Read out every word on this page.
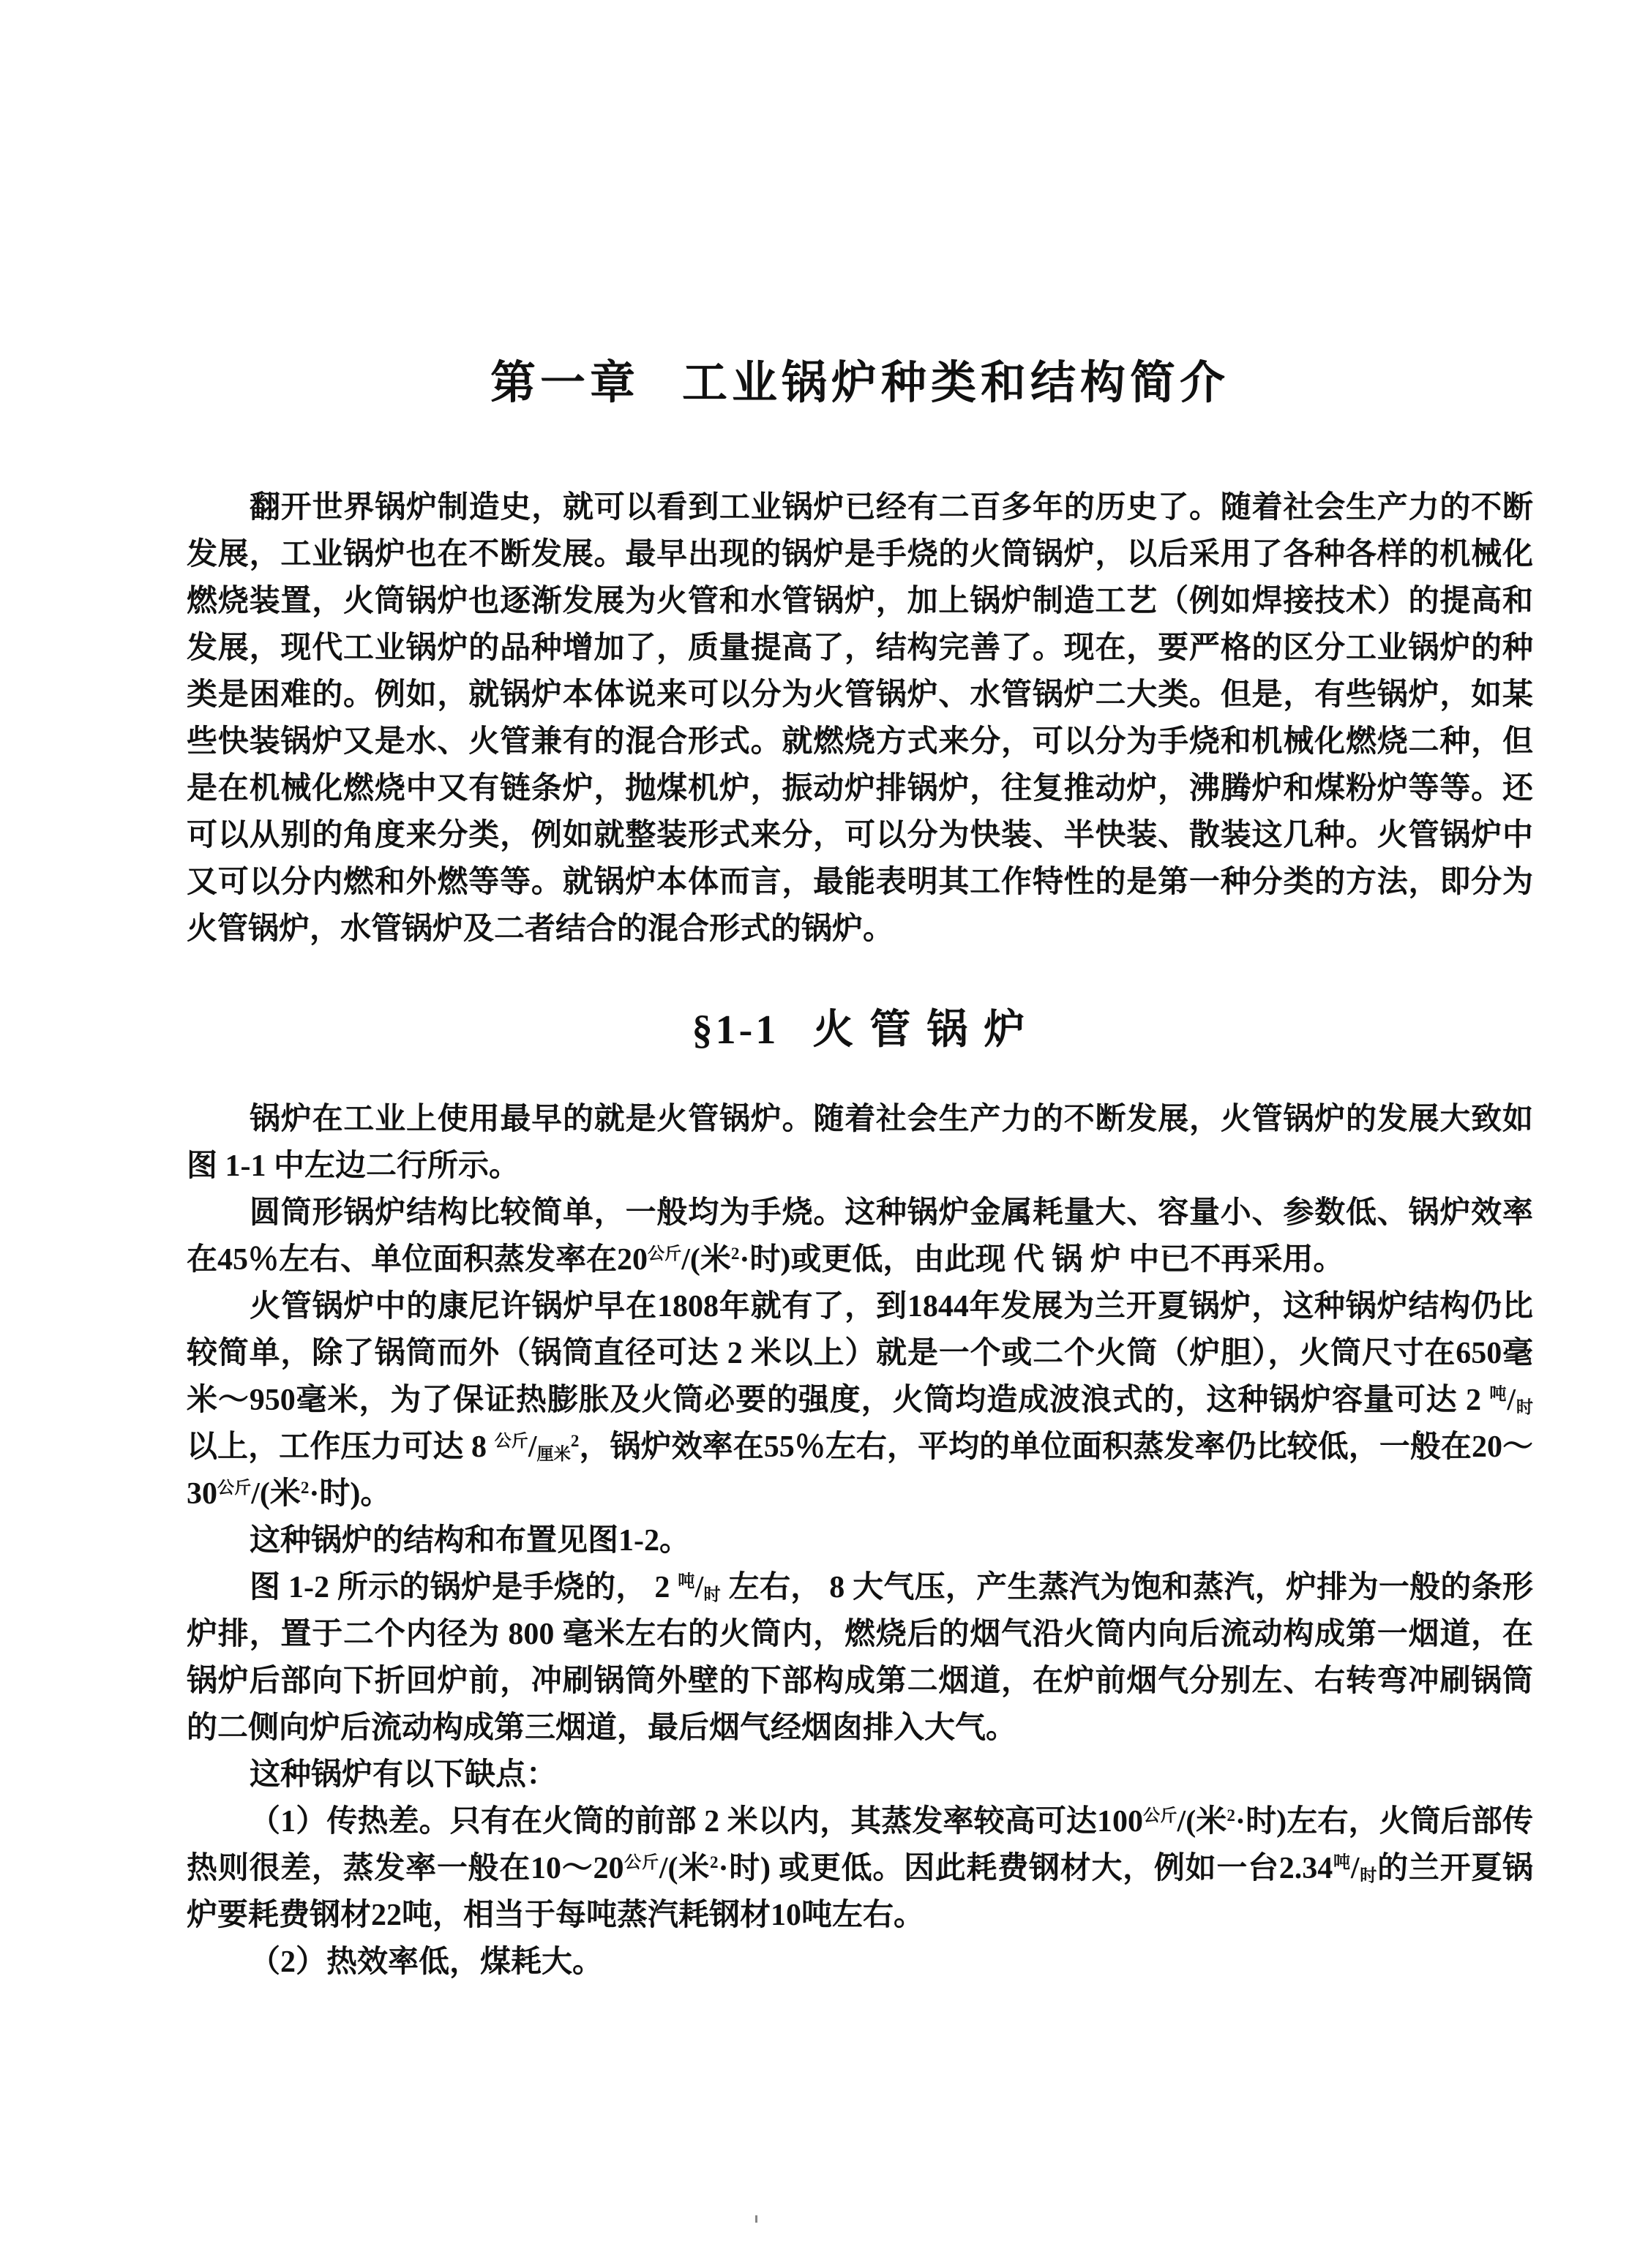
第一章 工业锅炉种类和结构简介

翻开世界锅炉制造史，就可以看到工业锅炉已经有二百多年的历史了。随着社会生产力的不断发展，工业锅炉也在不断发展。最早出现的锅炉是手烧的火筒锅炉，以后采用了各种各样的机械化燃烧装置，火筒锅炉也逐渐发展为火管和水管锅炉，加上锅炉制造工艺（例如焊接技术）的提高和发展，现代工业锅炉的品种增加了，质量提高了，结构完善了。现在，要严格的区分工业锅炉的种类是困难的。例如，就锅炉本体说来可以分为火管锅炉、水管锅炉二大类。但是，有些锅炉，如某些快装锅炉又是水、火管兼有的混合形式。就燃烧方式来分，可以分为手烧和机械化燃烧二种，但是在机械化燃烧中又有链条炉，抛煤机炉，振动炉排锅炉，往复推动炉，沸腾炉和煤粉炉等等。还可以从别的角度来分类，例如就整装形式来分，可以分为快装、半快装、散装这几种。火管锅炉中又可以分内燃和外燃等等。就锅炉本体而言，最能表明其工作特性的是第一种分类的方法，即分为火管锅炉，水管锅炉及二者结合的混合形式的锅炉。

§1-1 火 管 锅 炉

锅炉在工业上使用最早的就是火管锅炉。随着社会生产力的不断发展，火管锅炉的发展大致如图 1-1 中左边二行所示。

圆筒形锅炉结构比较简单，一般均为手烧。这种锅炉金属耗量大、容量小、参数低、锅炉效率在45％左右、单位面积蒸发率在$20^{公斤}/$(米$^2$·时)或更低，由此现 代 锅 炉 中已不再采用。

火管锅炉中的康尼许锅炉早在1808年就有了，到1844年发展为兰开夏锅炉，这种锅炉结构仍比较简单，除了锅筒而外（锅筒直径可达 2 米以上）就是一个或二个火筒（炉胆），火筒尺寸在650毫米～950毫米，为了保证热膨胀及火筒必要的强度，火筒均造成波浪式的，这种锅炉容量可达 2 $^吨/_时$ 以上，工作压力可达 8 $^{公斤}/_{厘米}^2$，锅炉效率在55％左右，平均的单位面积蒸发率仍比较低，一般在$20\sim 30^{公斤}/$(米$^2$·时)。

这种锅炉的结构和布置见图1-2。

图 1-2 所示的锅炉是手烧的， 2 $^吨/_时$ 左右， 8 大气压，产生蒸汽为饱和蒸汽，炉排为一般的条形炉排，置于二个内径为 800 毫米左右的火筒内，燃烧后的烟气沿火筒内向后流动构成第一烟道，在锅炉后部向下折回炉前，冲刷锅筒外壁的下部构成第二烟道，在炉前烟气分别左、右转弯冲刷锅筒的二侧向炉后流动构成第三烟道，最后烟气经烟囱排入大气。

这种锅炉有以下缺点：

（1）传热差。只有在火筒的前部 2 米以内，其蒸发率较高可达$100^{公斤}/$(米$^2$·时)左右，火筒后部传热则很差，蒸发率一般在$10\sim 20^{公斤}/$(米$^2$·时) 或更低。因此耗费钢材大，例如一台$2.34^吨/_时$的兰开夏锅炉要耗费钢材22吨，相当于每吨蒸汽耗钢材10吨左右。

（2）热效率低，煤耗大。
